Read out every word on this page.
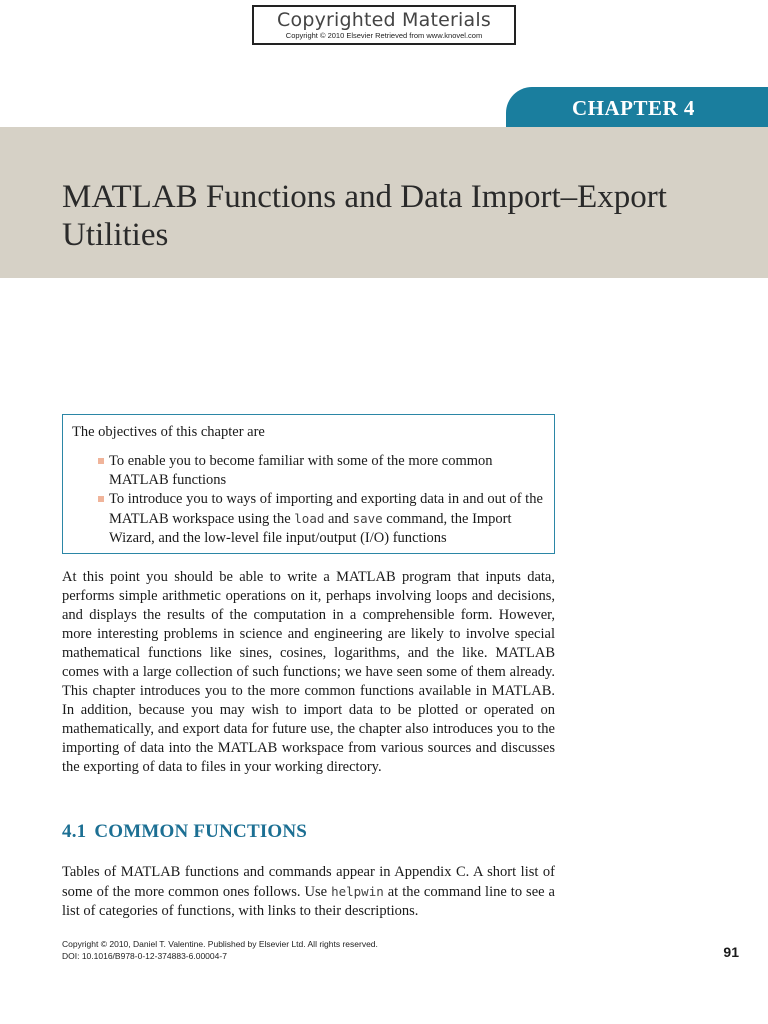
Copyrighted Materials
Copyright © 2010 Elsevier Retrieved from www.knovel.com
CHAPTER 4
MATLAB Functions and Data Import–Export Utilities

The objectives of this chapter are

To enable you to become familiar with some of the more common MATLAB functions
To introduce you to ways of importing and exporting data in and out of the MATLAB workspace using the load and save command, the Import Wizard, and the low-level file input/output (I/O) functions

At this point you should be able to write a MATLAB program that inputs data, performs simple arithmetic operations on it, perhaps involving loops and decisions, and displays the results of the computation in a comprehensible form. However, more interesting problems in science and engineering are likely to involve special mathematical functions like sines, cosines, logarithms, and the like. MATLAB comes with a large collection of such functions; we have seen some of them already. This chapter introduces you to the more common functions available in MATLAB. In addition, because you may wish to import data to be plotted or operated on mathematically, and export data for future use, the chapter also introduces you to the importing of data into the MATLAB workspace from various sources and discusses the exporting of data to files in your working directory.

4.1 COMMON FUNCTIONS

Tables of MATLAB functions and commands appear in Appendix C. A short list of some of the more common ones follows. Use helpwin at the command line to see a list of categories of functions, with links to their descriptions.

Copyright © 2010, Daniel T. Valentine. Published by Elsevier Ltd. All rights reserved.
DOI: 10.1016/B978-0-12-374883-6.00004-7	91
